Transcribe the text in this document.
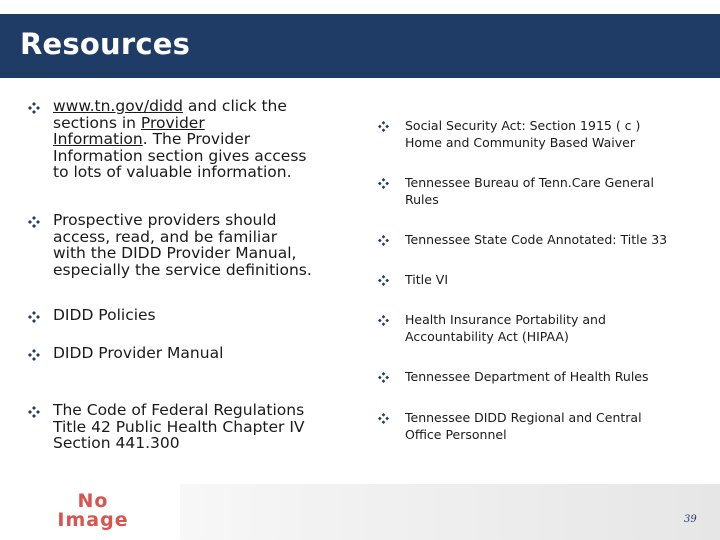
Resources
www.tn.gov/didd and click the
sections in Provider
Information. The Provider
Information section gives access
to lots of valuable information.
Prospective providers should
access, read, and be familiar
with the DIDD Provider Manual,
especially the service definitions.
DIDD Policies
DIDD Provider Manual
The Code of Federal Regulations
Title 42 Public Health Chapter IV
Section 441.300
Social Security Act: Section 1915 ( c )
Home and Community Based Waiver
Tennessee Bureau of Tenn.Care General
Rules
Tennessee State Code Annotated: Title 33
Title VI
Health Insurance Portability and
Accountability Act (HIPAA)
Tennessee Department of Health Rules
Tennessee DIDD Regional and Central
Office Personnel
No
Image	39
